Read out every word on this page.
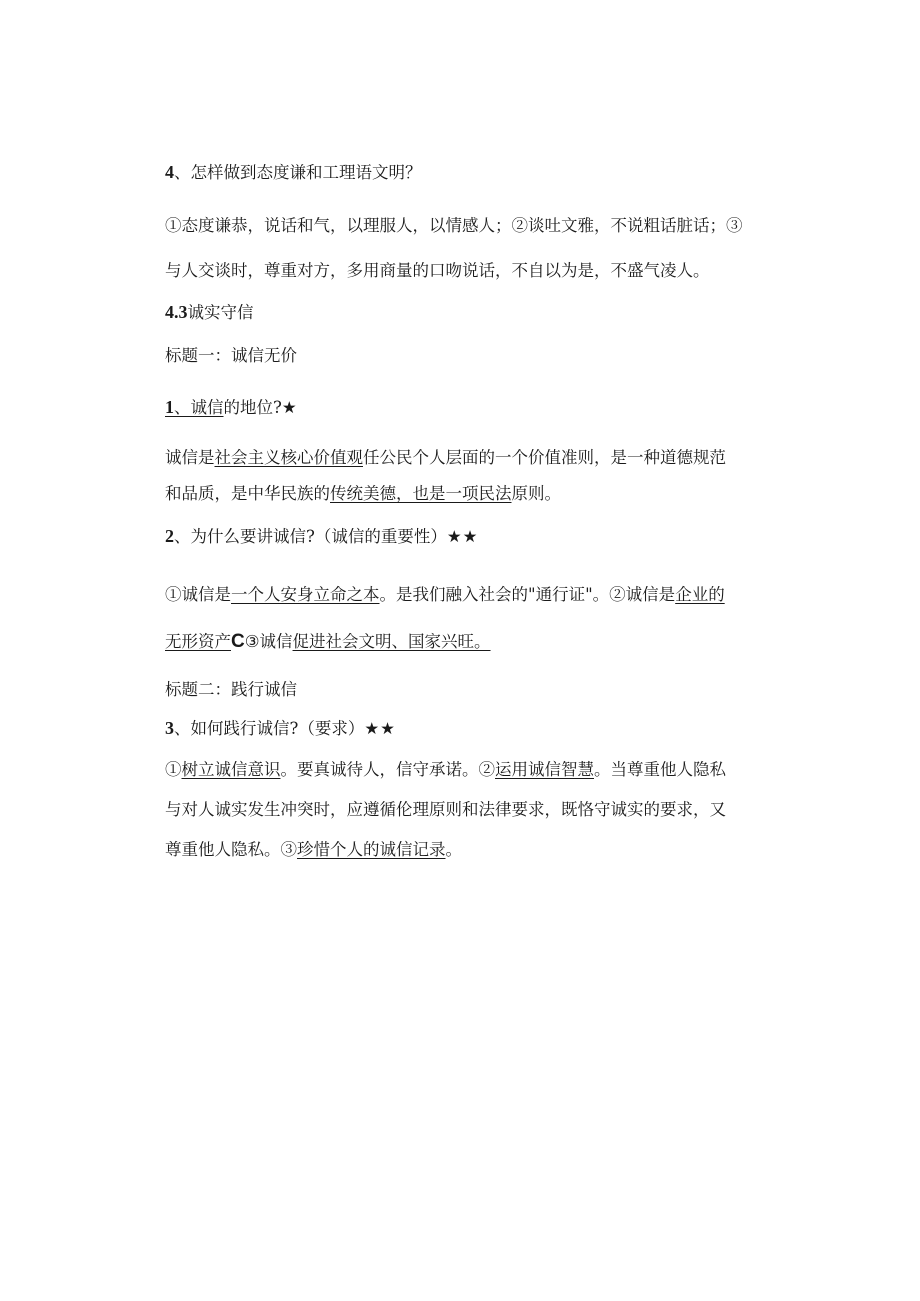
4、怎样做到态度谦和工理语文明？
①态度谦恭，说话和气，以理服人，以情感人；②谈吐文雅，不说粗话脏话；③
与人交谈时，尊重对方，多用商量的口吻说话，不自以为是，不盛气凌人。
4.3诚实守信
标题一：诚信无价
1、诚信的地位?★
诚信是社会主义核心价值观任公民个人层面的一个价值准则，是一种道德规范
和品质，是中华民族的传统美德，也是一项民法原则。
2、为什么要讲诚信?（诚信的重要性）★★
①诚信是一个人安身立命之本。是我们融入社会的"通行证"。②诚信是企业的
无形资产C③诚信促进社会文明、国家兴旺。
标题二：践行诚信
3、如何践行诚信?（要求）★★
①树立诚信意识。要真诚待人，信守承诺。②运用诚信智慧。当尊重他人隐私
与对人诚实发生冲突时，应遵循伦理原则和法律要求，既恪守诚实的要求，又
尊重他人隐私。③珍惜个人的诚信记录。
